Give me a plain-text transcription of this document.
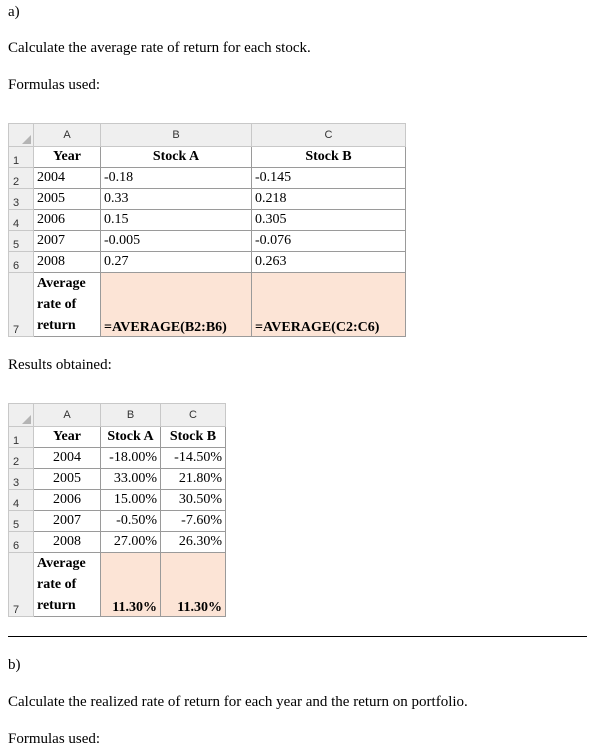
a)
Calculate the average rate of return for each stock.
Formulas used:
	A	B	C
1	Year	Stock A	Stock B
2	2004	-0.18	-0.145
3	2005	0.33	0.218
4	2006	0.15	0.305
5	2007	-0.005	-0.076
6	2008	0.27	0.263
7	Average
rate of
return	=AVERAGE(B2:B6)	=AVERAGE(C2:C6)
Results obtained:
	A	B	C
1	Year	Stock A	Stock B
2	2004	-18.00%	-14.50%
3	2005	33.00%	21.80%
4	2006	15.00%	30.50%
5	2007	-0.50%	-7.60%
6	2008	27.00%	26.30%
7	Average
rate of
return	11.30%	11.30%
b)
Calculate the realized rate of return for each year and the return on portfolio.
Formulas used:
